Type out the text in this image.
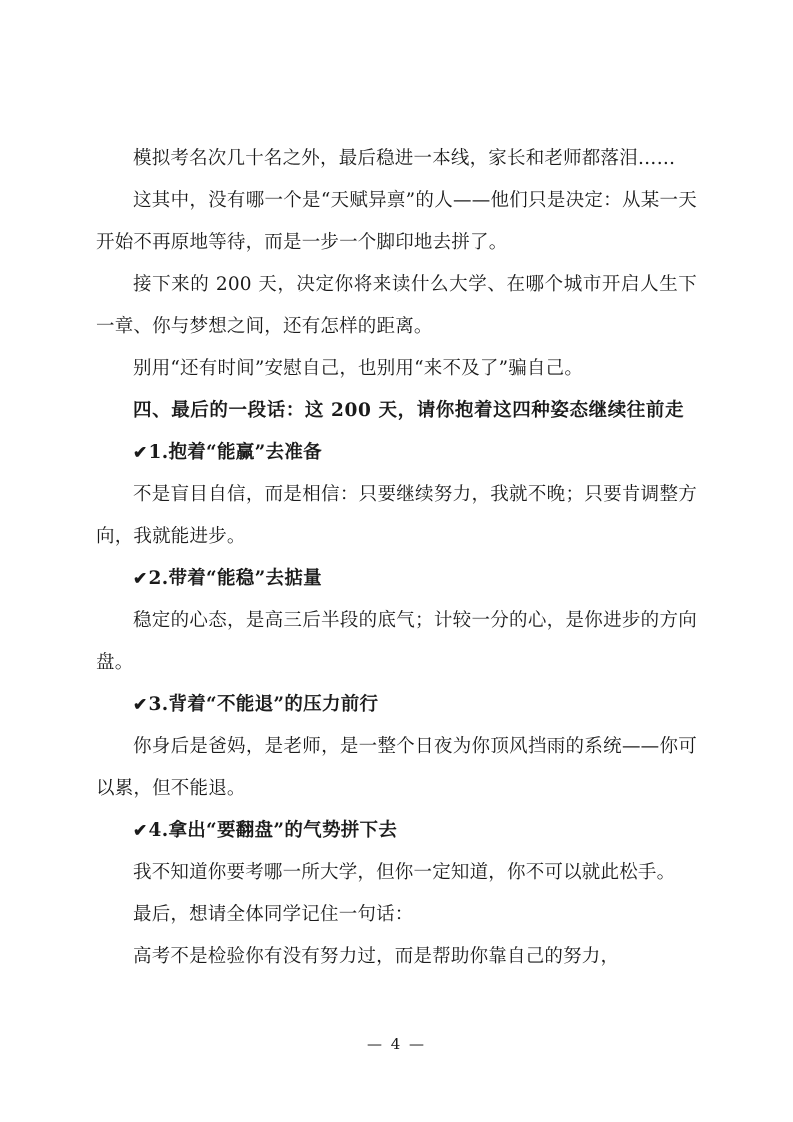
模拟考名次几十名之外，最后稳进一本线，家长和老师都落泪……

这其中，没有哪一个是“天赋异禀”的人——他们只是决定：从某一天开始不再原地等待，而是一步一个脚印地去拼了。

接下来的 200 天，决定你将来读什么大学、在哪个城市开启人生下一章、你与梦想之间，还有怎样的距离。

别用“还有时间”安慰自己，也别用“来不及了”骗自己。

四、最后的一段话：这 200 天，请你抱着这四种姿态继续往前走

✔1.抱着“能赢”去准备

不是盲目自信，而是相信：只要继续努力，我就不晚；只要肯调整方向，我就能进步。

✔2.带着“能稳”去掂量

稳定的心态，是高三后半段的底气；计较一分的心，是你进步的方向盘。

✔3.背着“不能退”的压力前行

你身后是爸妈，是老师，是一整个日夜为你顶风挡雨的系统——你可以累，但不能退。

✔4.拿出“要翻盘”的气势拼下去

我不知道你要考哪一所大学，但你一定知道，你不可以就此松手。

最后，想请全体同学记住一句话：

高考不是检验你有没有努力过，而是帮助你靠自己的努力，

— 4 —
